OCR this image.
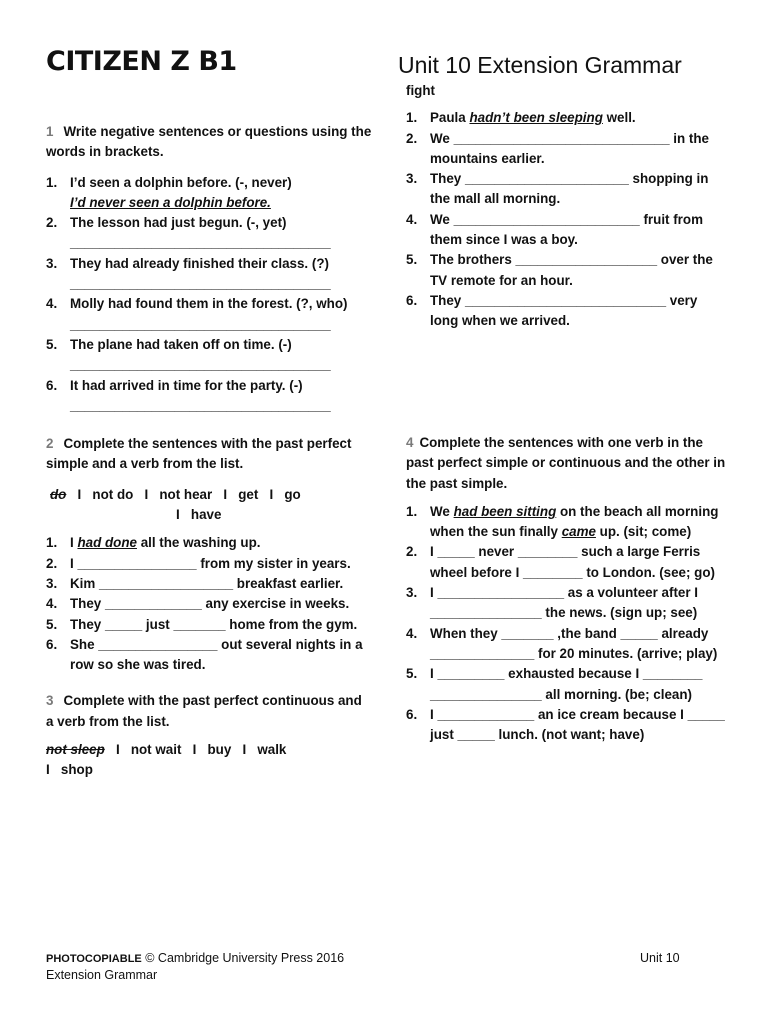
CITIZEN Z B1	Unit 10 Extension Grammar
1 Write negative sentences or questions using the words in brackets.
1. I’d seen a dolphin before. (-, never)
I’d never seen a dolphin before.
2. The lesson had just begun. (-, yet)
___________________________________
3. They had already finished their class. (?)
___________________________________
4. Molly had found them in the forest. (?, who)
___________________________________
5. The plane had taken off on time. (-)
___________________________________
6. It had arrived in time for the party. (-)
___________________________________
2 Complete the sentences with the past perfect simple and a verb from the list.
do   I   not do   I   not hear   I   get   I   go
I   have
1. I had done all the washing up.
2. I ________________ from my sister in years.
3. Kim __________________ breakfast earlier.
4. They _____________ any exercise in weeks.
5. They _____ just _______ home from the gym.
6. She ________________ out several nights in a row so she was tired.
3 Complete with the past perfect continuous and a verb from the list.
not sleep   I   not wait   I   buy   I   walk
I   shop
fight
1. Paula hadn’t been sleeping well.
2. We _____________________________ in the mountains earlier.
3. They ______________________ shopping in the mall all morning.
4. We _________________________ fruit from them since I was a boy.
5. The brothers ___________________ over the TV remote for an hour.
6. They ___________________________ very long when we arrived.
4 Complete the sentences with one verb in the past perfect simple or continuous and the other in the past simple.
1. We had been sitting on the beach all morning when the sun finally came up. (sit; come)
2. I _____ never ________ such a large Ferris wheel before I ________ to London. (see; go)
3. I _________________ as a volunteer after I _______________ the news. (sign up; see)
4. When they _______ ,the band _____ already ______________ for 20 minutes. (arrive; play)
5. I _________ exhausted because I ________ _______________ all morning. (be; clean)
6. I _____________ an ice cream because I _____ just _____ lunch. (not want; have)
PHOTOCOPIABLE © Cambridge University Press 2016
Extension Grammar
Unit 10
